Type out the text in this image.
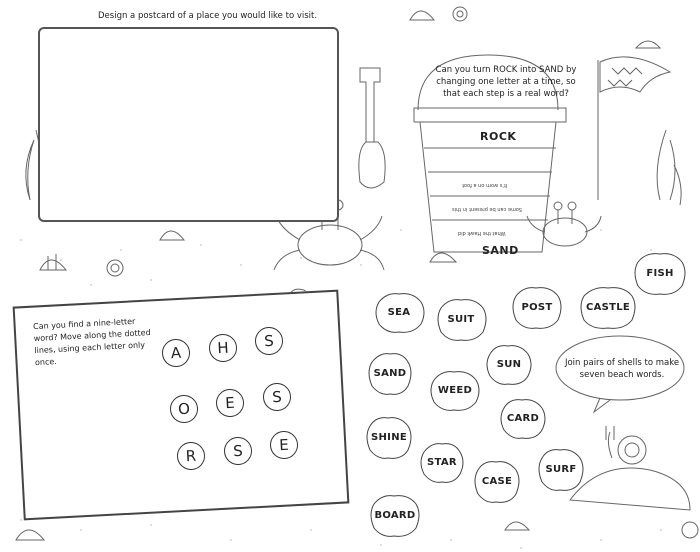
Design a postcard of a place you would like to visit.
Can you turn ROCK into SAND by changing one letter at a time, so that each step is a real word?
ROCK
It's worn on a foot
Some can be present in this
What the Hawk did
SAND
Can you find a nine-letter word? Move along the dotted lines, using each letter only once.	A	H	S
O	E	S
R	S	E
SEA
SUIT
POST	CASTLE
FISH
SAND
WEED
SUN
SHINE
CARD
STAR
CASE
SURF
BOARD
Join pairs of shells to make seven beach words.
